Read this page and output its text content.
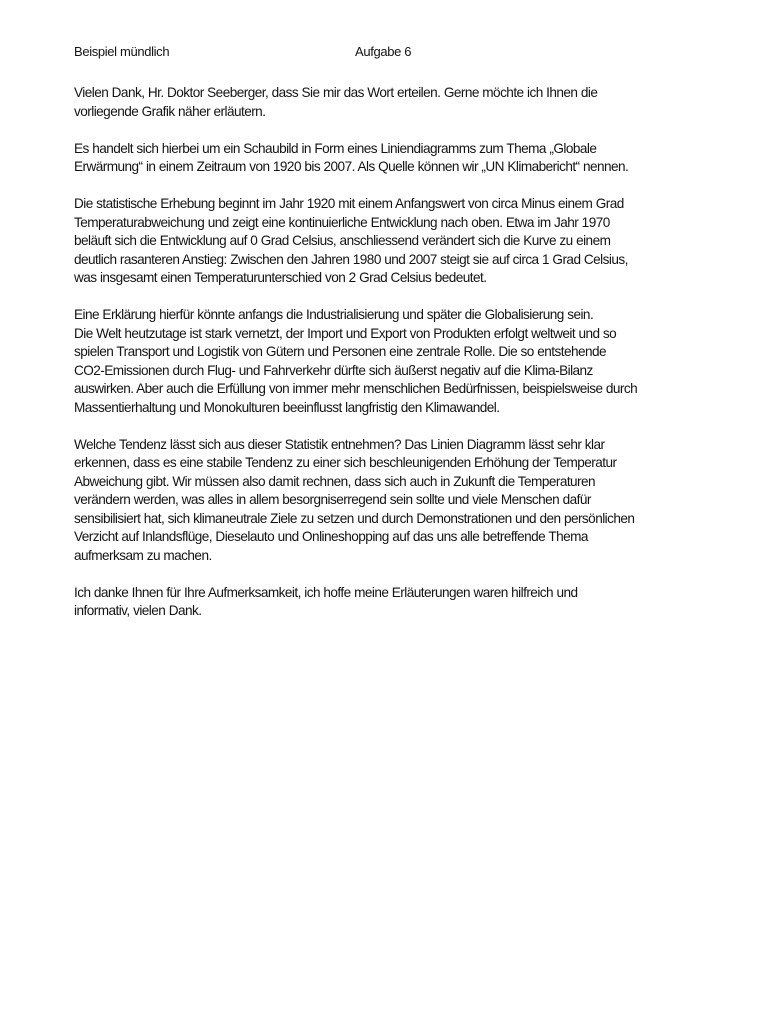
Beispiel mündlich	Aufgabe 6

Vielen Dank, Hr. Doktor Seeberger, dass Sie mir das Wort erteilen. Gerne möchte ich Ihnen die
vorliegende Grafik näher erläutern.

Es handelt sich hierbei um ein Schaubild in Form eines Liniendiagramms zum Thema „Globale
Erwärmung“ in einem Zeitraum von 1920 bis 2007. Als Quelle können wir „UN Klimabericht“ nennen.

Die statistische Erhebung beginnt im Jahr 1920 mit einem Anfangswert von circa Minus einem Grad
Temperaturabweichung und zeigt eine kontinuierliche Entwicklung nach oben. Etwa im Jahr 1970
beläuft sich die Entwicklung auf 0 Grad Celsius, anschliessend verändert sich die Kurve zu einem
deutlich rasanteren Anstieg: Zwischen den Jahren 1980 und 2007 steigt sie auf circa 1 Grad Celsius,
was insgesamt einen Temperaturunterschied von 2 Grad Celsius bedeutet.

Eine Erklärung hierfür könnte anfangs die Industrialisierung und später die Globalisierung sein.
Die Welt heutzutage ist stark vernetzt, der Import und Export von Produkten erfolgt weltweit und so
spielen Transport und Logistik von Gütern und Personen eine zentrale Rolle. Die so entstehende
CO2-Emissionen durch Flug- und Fahrverkehr dürfte sich äußerst negativ auf die Klima-Bilanz
auswirken. Aber auch die Erfüllung von immer mehr menschlichen Bedürfnissen, beispielsweise durch
Massentierhaltung und Monokulturen beeinflusst langfristig den Klimawandel.

Welche Tendenz lässt sich aus dieser Statistik entnehmen? Das Linien Diagramm lässt sehr klar
erkennen, dass es eine stabile Tendenz zu einer sich beschleunigenden Erhöhung der Temperatur
Abweichung gibt. Wir müssen also damit rechnen, dass sich auch in Zukunft die Temperaturen
verändern werden, was alles in allem besorgniserregend sein sollte und viele Menschen dafür
sensibilisiert hat, sich klimaneutrale Ziele zu setzen und durch Demonstrationen und den persönlichen
Verzicht auf Inlandsflüge, Dieselauto und Onlineshopping auf das uns alle betreffende Thema
aufmerksam zu machen.

Ich danke Ihnen für Ihre Aufmerksamkeit, ich hoffe meine Erläuterungen waren hilfreich und
informativ, vielen Dank.
